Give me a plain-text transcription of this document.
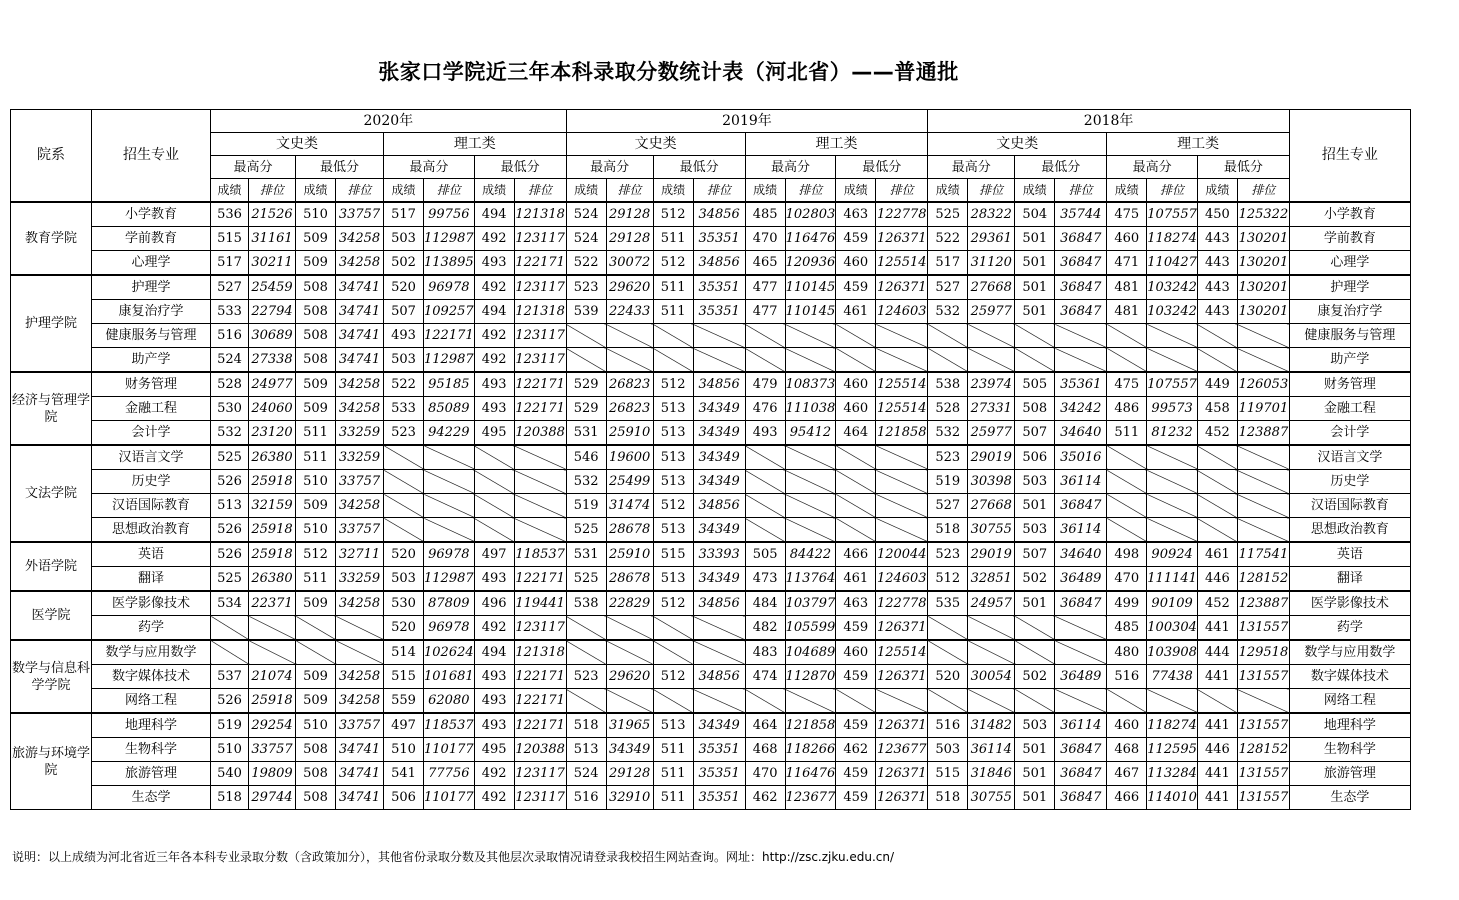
张家口学院近三年本科录取分数统计表（河北省）——普通批
院系	招生专业	2020年								2019年								2018年								招生专业
		文史类				理工类				文史类				理工类				文史类				理工类				
		最高分		最低分		最高分		最低分		最高分		最低分		最高分		最低分		最高分		最低分		最高分		最低分		
		成绩	排位	成绩	排位	成绩	排位	成绩	排位	成绩	排位	成绩	排位	成绩	排位	成绩	排位	成绩	排位	成绩	排位	成绩	排位	成绩	排位	
教育学院	小学教育	536	21526	510	33757	517	99756	494	121318	524	29128	512	34856	485	102803	463	122778	525	28322	504	35744	475	107557	450	125322	小学教育
	学前教育	515	31161	509	34258	503	112987	492	123117	524	29128	511	35351	470	116476	459	126371	522	29361	501	36847	460	118274	443	130201	学前教育
	心理学	517	30211	509	34258	502	113895	493	122171	522	30072	512	34856	465	120936	460	125514	517	31120	501	36847	471	110427	443	130201	心理学
护理学院	护理学	527	25459	508	34741	520	96978	492	123117	523	29620	511	35351	477	110145	459	126371	527	27668	501	36847	481	103242	443	130201	护理学
	康复治疗学	533	22794	508	34741	507	109257	494	121318	539	22433	511	35351	477	110145	461	124603	532	25977	501	36847	481	103242	443	130201	康复治疗学
	健康服务与管理	516	30689	508	34741	493	122171	492	123117																	健康服务与管理
	助产学	524	27338	508	34741	503	112987	492	123117																	助产学
经济与管理学院	财务管理	528	24977	509	34258	522	95185	493	122171	529	26823	512	34856	479	108373	460	125514	538	23974	505	35361	475	107557	449	126053	财务管理
	金融工程	530	24060	509	34258	533	85089	493	122171	529	26823	513	34349	476	111038	460	125514	528	27331	508	34242	486	99573	458	119701	金融工程
	会计学	532	23120	511	33259	523	94229	495	120388	531	25910	513	34349	493	95412	464	121858	532	25977	507	34640	511	81232	452	123887	会计学
文法学院	汉语言文学	525	26380	511	33259					546	19600	513	34349					523	29019	506	35016					汉语言文学
	历史学	526	25918	510	33757					532	25499	513	34349					519	30398	503	36114					历史学
	汉语国际教育	513	32159	509	34258					519	31474	512	34856					527	27668	501	36847					汉语国际教育
	思想政治教育	526	25918	510	33757					525	28678	513	34349					518	30755	503	36114					思想政治教育
外语学院	英语	526	25918	512	32711	520	96978	497	118537	531	25910	515	33393	505	84422	466	120044	523	29019	507	34640	498	90924	461	117541	英语
	翻译	525	26380	511	33259	503	112987	493	122171	525	28678	513	34349	473	113764	461	124603	512	32851	502	36489	470	111141	446	128152	翻译
医学院	医学影像技术	534	22371	509	34258	530	87809	496	119441	538	22829	512	34856	484	103797	463	122778	535	24957	501	36847	499	90109	452	123887	医学影像技术
	药学					520	96978	492	123117					482	105599	459	126371					485	100304	441	131557	药学
数学与信息科学学院	数学与应用数学					514	102624	494	121318					483	104689	460	125514					480	103908	444	129518	数学与应用数学
	数字媒体技术	537	21074	509	34258	515	101681	493	122171	523	29620	512	34856	474	112870	459	126371	520	30054	502	36489	516	77438	441	131557	数字媒体技术
	网络工程	526	25918	509	34258	559	62080	493	122171																	网络工程
旅游与环境学院	地理科学	519	29254	510	33757	497	118537	493	122171	518	31965	513	34349	464	121858	459	126371	516	31482	503	36114	460	118274	441	131557	地理科学
	生物科学	510	33757	508	34741	510	110177	495	120388	513	34349	511	35351	468	118266	462	123677	503	36114	501	36847	468	112595	446	128152	生物科学
	旅游管理	540	19809	508	34741	541	77756	492	123117	524	29128	511	35351	470	116476	459	126371	515	31846	501	36847	467	113284	441	131557	旅游管理
	生态学	518	29744	508	34741	506	110177	492	123117	516	32910	511	35351	462	123677	459	126371	518	30755	501	36847	466	114010	441	131557	生态学
说明：以上成绩为河北省近三年各本科专业录取分数（含政策加分），其他省份录取分数及其他层次录取情况请登录我校招生网站查询。网址：http://zsc.zjku.edu.cn/
